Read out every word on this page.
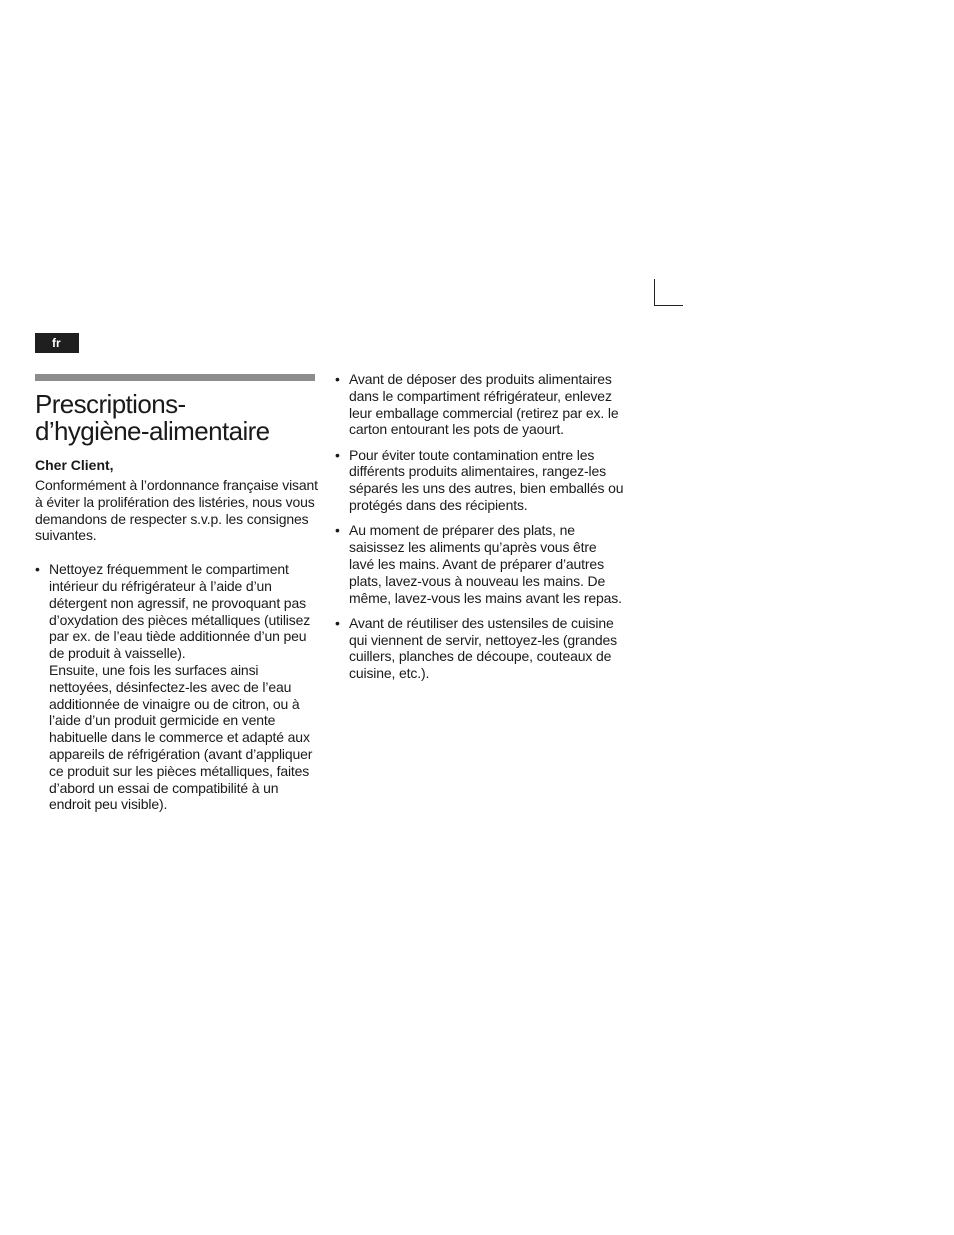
fr
Prescriptions-
d’hygiène-alimentaire

Cher Client,

Conformément à l’ordonnance française visant à éviter la prolifération des listéries, nous vous demandons de respecter s.v.p. les consignes suivantes.

• Nettoyez fréquemment le compartiment intérieur du réfrigérateur à l’aide d’un détergent non agressif, ne provoquant pas d’oxydation des pièces métalliques (utilisez par ex. de l’eau tiède additionnée d’un peu de produit à vaisselle).
Ensuite, une fois les surfaces ainsi nettoyées, désinfectez-les avec de l’eau additionnée de vinaigre ou de citron, ou à l’aide d’un produit germicide en vente habituelle dans le commerce et adapté aux appareils de réfrigération (avant d’appliquer ce produit sur les pièces métalliques, faites d’abord un essai de compatibilité à un endroit peu visible).
• Avant de déposer des produits alimentaires dans le compartiment réfrigérateur, enlevez leur emballage commercial (retirez par ex. le carton entourant les pots de yaourt.
• Pour éviter toute contamination entre les différents produits alimentaires, rangez-les séparés les uns des autres, bien emballés ou protégés dans des récipients.
• Au moment de préparer des plats, ne saisissez les aliments qu’après vous être lavé les mains. Avant de préparer d’autres plats, lavez-vous à nouveau les mains. De même, lavez-vous les mains avant les repas.
• Avant de réutiliser des ustensiles de cuisine qui viennent de servir, nettoyez-les (grandes cuillers, planches de découpe, couteaux de cuisine, etc.).
